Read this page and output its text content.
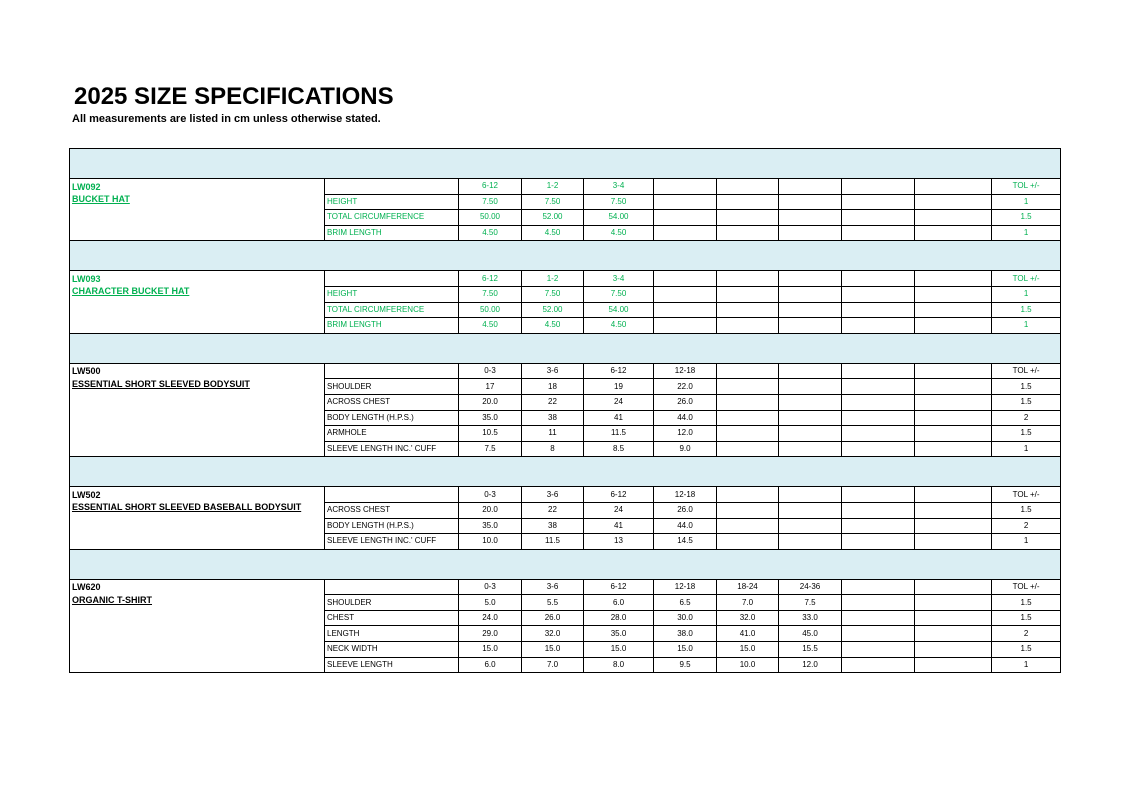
2025 SIZE SPECIFICATIONS
All measurements are listed in cm unless otherwise stated.

LW092		6-12	1-2	3-4						TOL +/-
BUCKET HAT	HEIGHT	7.50	7.50	7.50						1
	TOTAL CIRCUMFERENCE	50.00	52.00	54.00						1.5
	BRIM LENGTH	4.50	4.50	4.50						1

LW093		6-12	1-2	3-4						TOL +/-
CHARACTER BUCKET HAT	HEIGHT	7.50	7.50	7.50						1
	TOTAL CIRCUMFERENCE	50.00	52.00	54.00						1.5
	BRIM LENGTH	4.50	4.50	4.50						1

LW500		0-3	3-6	6-12	12-18					TOL +/-
ESSENTIAL SHORT SLEEVED BODYSUIT	SHOULDER	17	18	19	22.0					1.5
	ACROSS CHEST	20.0	22	24	26.0					1.5
	BODY LENGTH (H.P.S.)	35.0	38	41	44.0					2
	ARMHOLE	10.5	11	11.5	12.0					1.5
	SLEEVE LENGTH INC.' CUFF	7.5	8	8.5	9.0					1

LW502		0-3	3-6	6-12	12-18					TOL +/-
ESSENTIAL SHORT SLEEVED BASEBALL BODYSUIT	ACROSS CHEST	20.0	22	24	26.0					1.5
	BODY LENGTH (H.P.S.)	35.0	38	41	44.0					2
	SLEEVE LENGTH INC.' CUFF	10.0	11.5	13	14.5					1

LW620		0-3	3-6	6-12	12-18	18-24	24-36			TOL +/-
ORGANIC T-SHIRT	SHOULDER	5.0	5.5	6.0	6.5	7.0	7.5			1.5
	CHEST	24.0	26.0	28.0	30.0	32.0	33.0			1.5
	LENGTH	29.0	32.0	35.0	38.0	41.0	45.0			2
	NECK WIDTH	15.0	15.0	15.0	15.0	15.0	15.5			1.5
	SLEEVE LENGTH	6.0	7.0	8.0	9.5	10.0	12.0			1
